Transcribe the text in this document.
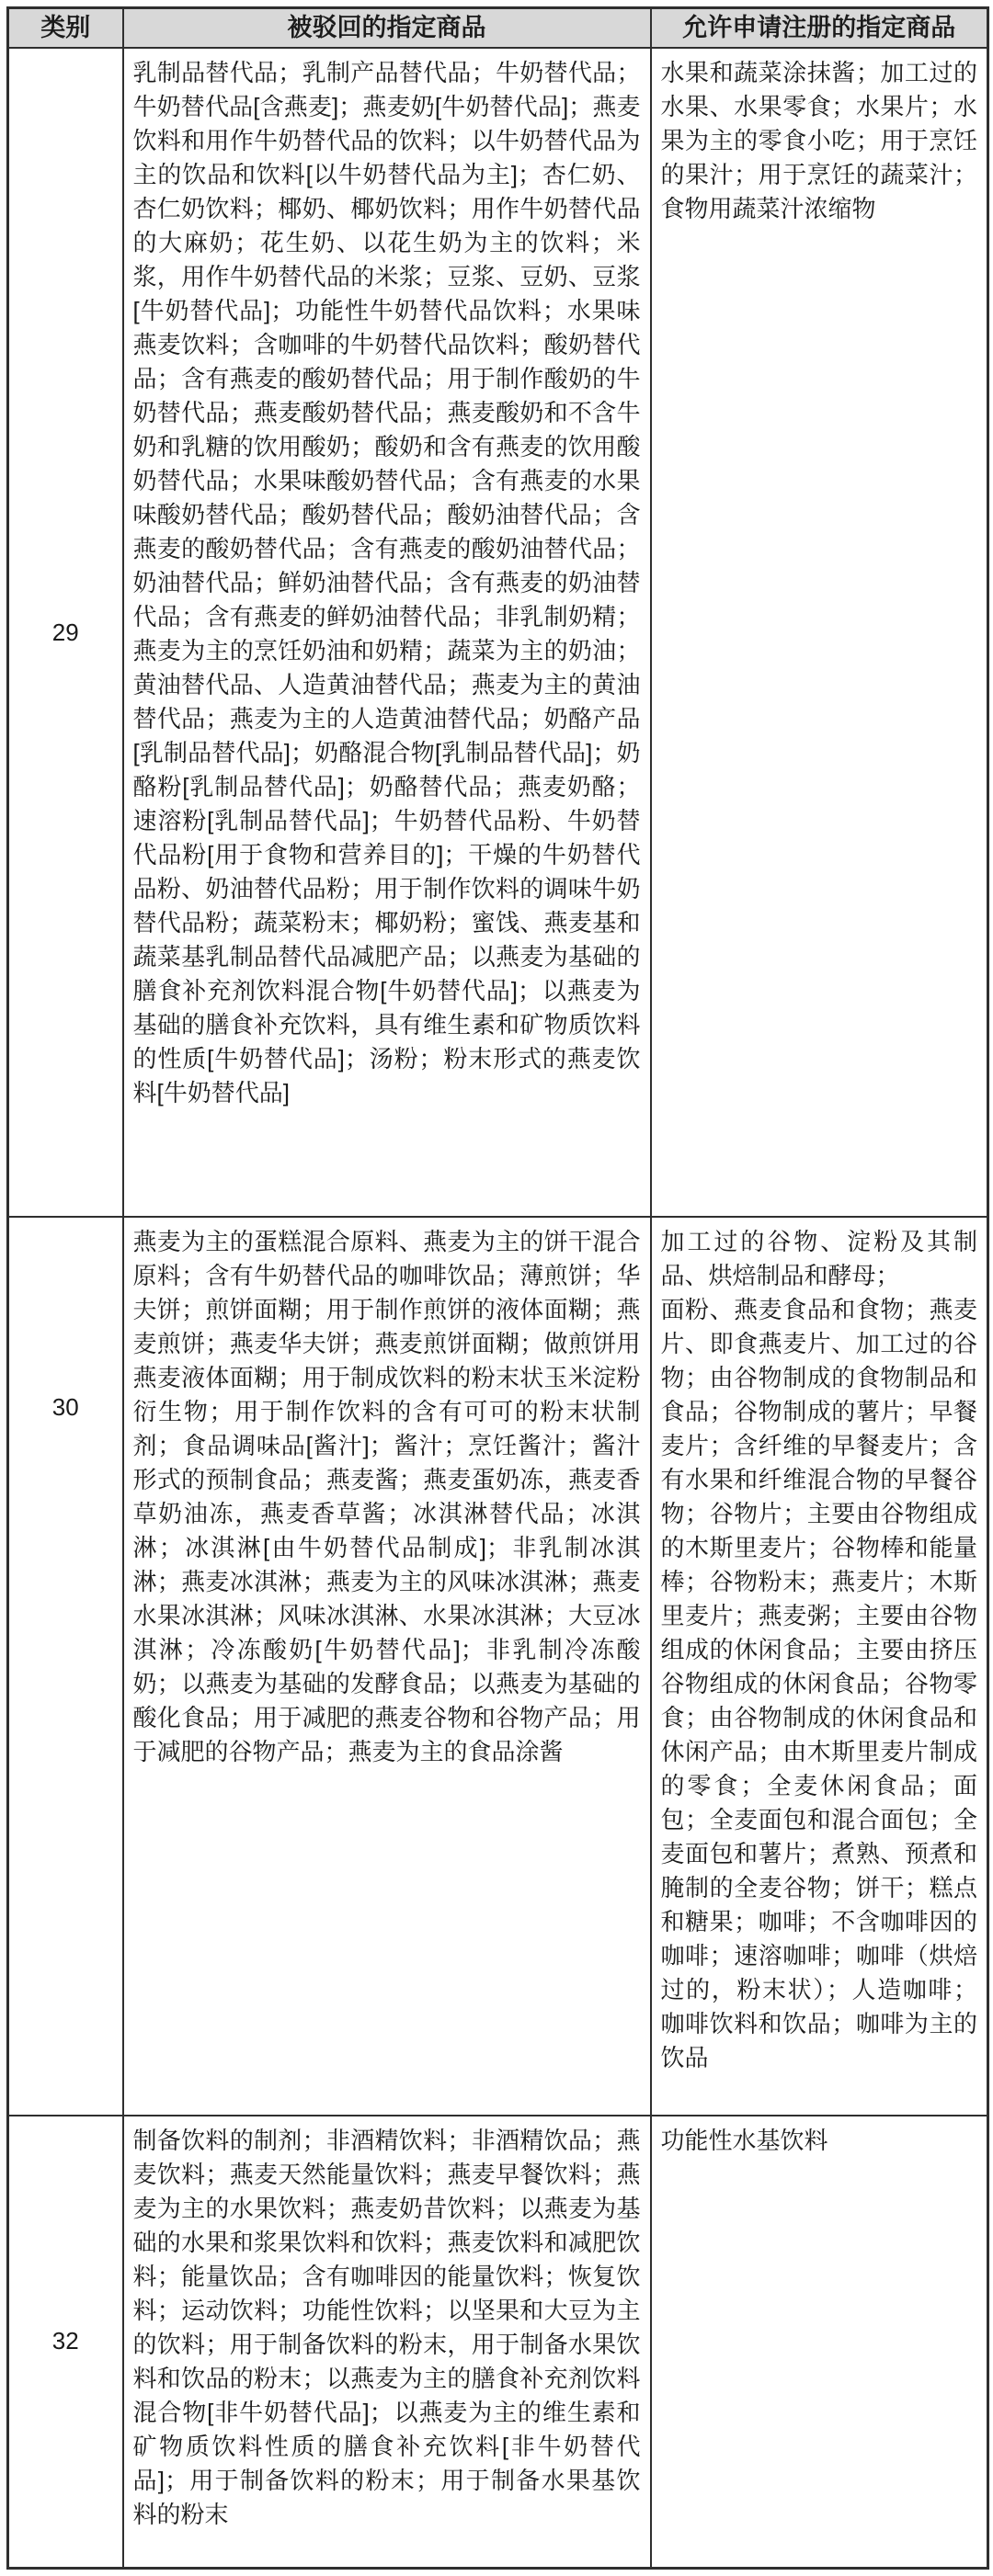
类别	被驳回的指定商品	允许申请注册的指定商品
29	乳制品替代品；乳制产品替代品；牛奶替代品；牛奶替代品[含燕麦]；燕麦奶[牛奶替代品]；燕麦饮料和用作牛奶替代品的饮料；以牛奶替代品为主的饮品和饮料[以牛奶替代品为主]；杏仁奶、杏仁奶饮料；椰奶、椰奶饮料；用作牛奶替代品的大麻奶；花生奶、以花生奶为主的饮料；米浆，用作牛奶替代品的米浆；豆浆、豆奶、豆浆[牛奶替代品]；功能性牛奶替代品饮料；水果味燕麦饮料；含咖啡的牛奶替代品饮料；酸奶替代品；含有燕麦的酸奶替代品；用于制作酸奶的牛奶替代品；燕麦酸奶替代品；燕麦酸奶和不含牛奶和乳糖的饮用酸奶；酸奶和含有燕麦的饮用酸奶替代品；水果味酸奶替代品；含有燕麦的水果味酸奶替代品；酸奶替代品；酸奶油替代品；含燕麦的酸奶替代品；含有燕麦的酸奶油替代品；奶油替代品；鲜奶油替代品；含有燕麦的奶油替代品；含有燕麦的鲜奶油替代品；非乳制奶精；燕麦为主的烹饪奶油和奶精；蔬菜为主的奶油；黄油替代品、人造黄油替代品；燕麦为主的黄油替代品；燕麦为主的人造黄油替代品；奶酪产品[乳制品替代品]；奶酪混合物[乳制品替代品]；奶酪粉[乳制品替代品]；奶酪替代品；燕麦奶酪；速溶粉[乳制品替代品]；牛奶替代品粉、牛奶替代品粉[用于食物和营养目的]；干燥的牛奶替代品粉、奶油替代品粉；用于制作饮料的调味牛奶替代品粉；蔬菜粉末；椰奶粉；蜜饯、燕麦基和蔬菜基乳制品替代品减肥产品；以燕麦为基础的膳食补充剂饮料混合物[牛奶替代品]；以燕麦为基础的膳食补充饮料，具有维生素和矿物质饮料的性质[牛奶替代品]；汤粉；粉末形式的燕麦饮料[牛奶替代品]	水果和蔬菜涂抹酱；加工过的水果、水果零食；水果片；水果为主的零食小吃；用于烹饪的果汁；用于烹饪的蔬菜汁；食物用蔬菜汁浓缩物
30	燕麦为主的蛋糕混合原料、燕麦为主的饼干混合原料；含有牛奶替代品的咖啡饮品；薄煎饼；华夫饼；煎饼面糊；用于制作煎饼的液体面糊；燕麦煎饼；燕麦华夫饼；燕麦煎饼面糊；做煎饼用燕麦液体面糊；用于制成饮料的粉末状玉米淀粉衍生物；用于制作饮料的含有可可的粉末状制剂；食品调味品[酱汁]；酱汁；烹饪酱汁；酱汁形式的预制食品；燕麦酱；燕麦蛋奶冻，燕麦香草奶油冻，燕麦香草酱；冰淇淋替代品；冰淇淋；冰淇淋[由牛奶替代品制成]；非乳制冰淇淋；燕麦冰淇淋；燕麦为主的风味冰淇淋；燕麦水果冰淇淋；风味冰淇淋、水果冰淇淋；大豆冰淇淋；冷冻酸奶[牛奶替代品]；非乳制冷冻酸奶；以燕麦为基础的发酵食品；以燕麦为基础的酸化食品；用于减肥的燕麦谷物和谷物产品；用于减肥的谷物产品；燕麦为主的食品涂酱	加工过的谷物、淀粉及其制品、烘焙制品和酵母；
面粉、燕麦食品和食物；燕麦片、即食燕麦片、加工过的谷物；由谷物制成的食物制品和食品；谷物制成的薯片；早餐麦片；含纤维的早餐麦片；含有水果和纤维混合物的早餐谷物；谷物片；主要由谷物组成的木斯里麦片；谷物棒和能量棒；谷物粉末；燕麦片；木斯里麦片；燕麦粥；主要由谷物组成的休闲食品；主要由挤压谷物组成的休闲食品；谷物零食；由谷物制成的休闲食品和休闲产品；由木斯里麦片制成的零食；全麦休闲食品；面包；全麦面包和混合面包；全麦面包和薯片；煮熟、预煮和腌制的全麦谷物；饼干；糕点和糖果；咖啡；不含咖啡因的咖啡；速溶咖啡；咖啡（烘焙过的，粉末状）；人造咖啡；咖啡饮料和饮品；咖啡为主的饮品
32	制备饮料的制剂；非酒精饮料；非酒精饮品；燕麦饮料；燕麦天然能量饮料；燕麦早餐饮料；燕麦为主的水果饮料；燕麦奶昔饮料；以燕麦为基础的水果和浆果饮料和饮料；燕麦饮料和减肥饮料；能量饮品；含有咖啡因的能量饮料；恢复饮料；运动饮料；功能性饮料；以坚果和大豆为主的饮料；用于制备饮料的粉末，用于制备水果饮料和饮品的粉末；以燕麦为主的膳食补充剂饮料混合物[非牛奶替代品]；以燕麦为主的维生素和矿物质饮料性质的膳食补充饮料[非牛奶替代品]；用于制备饮料的粉末；用于制备水果基饮料的粉末	功能性水基饮料
